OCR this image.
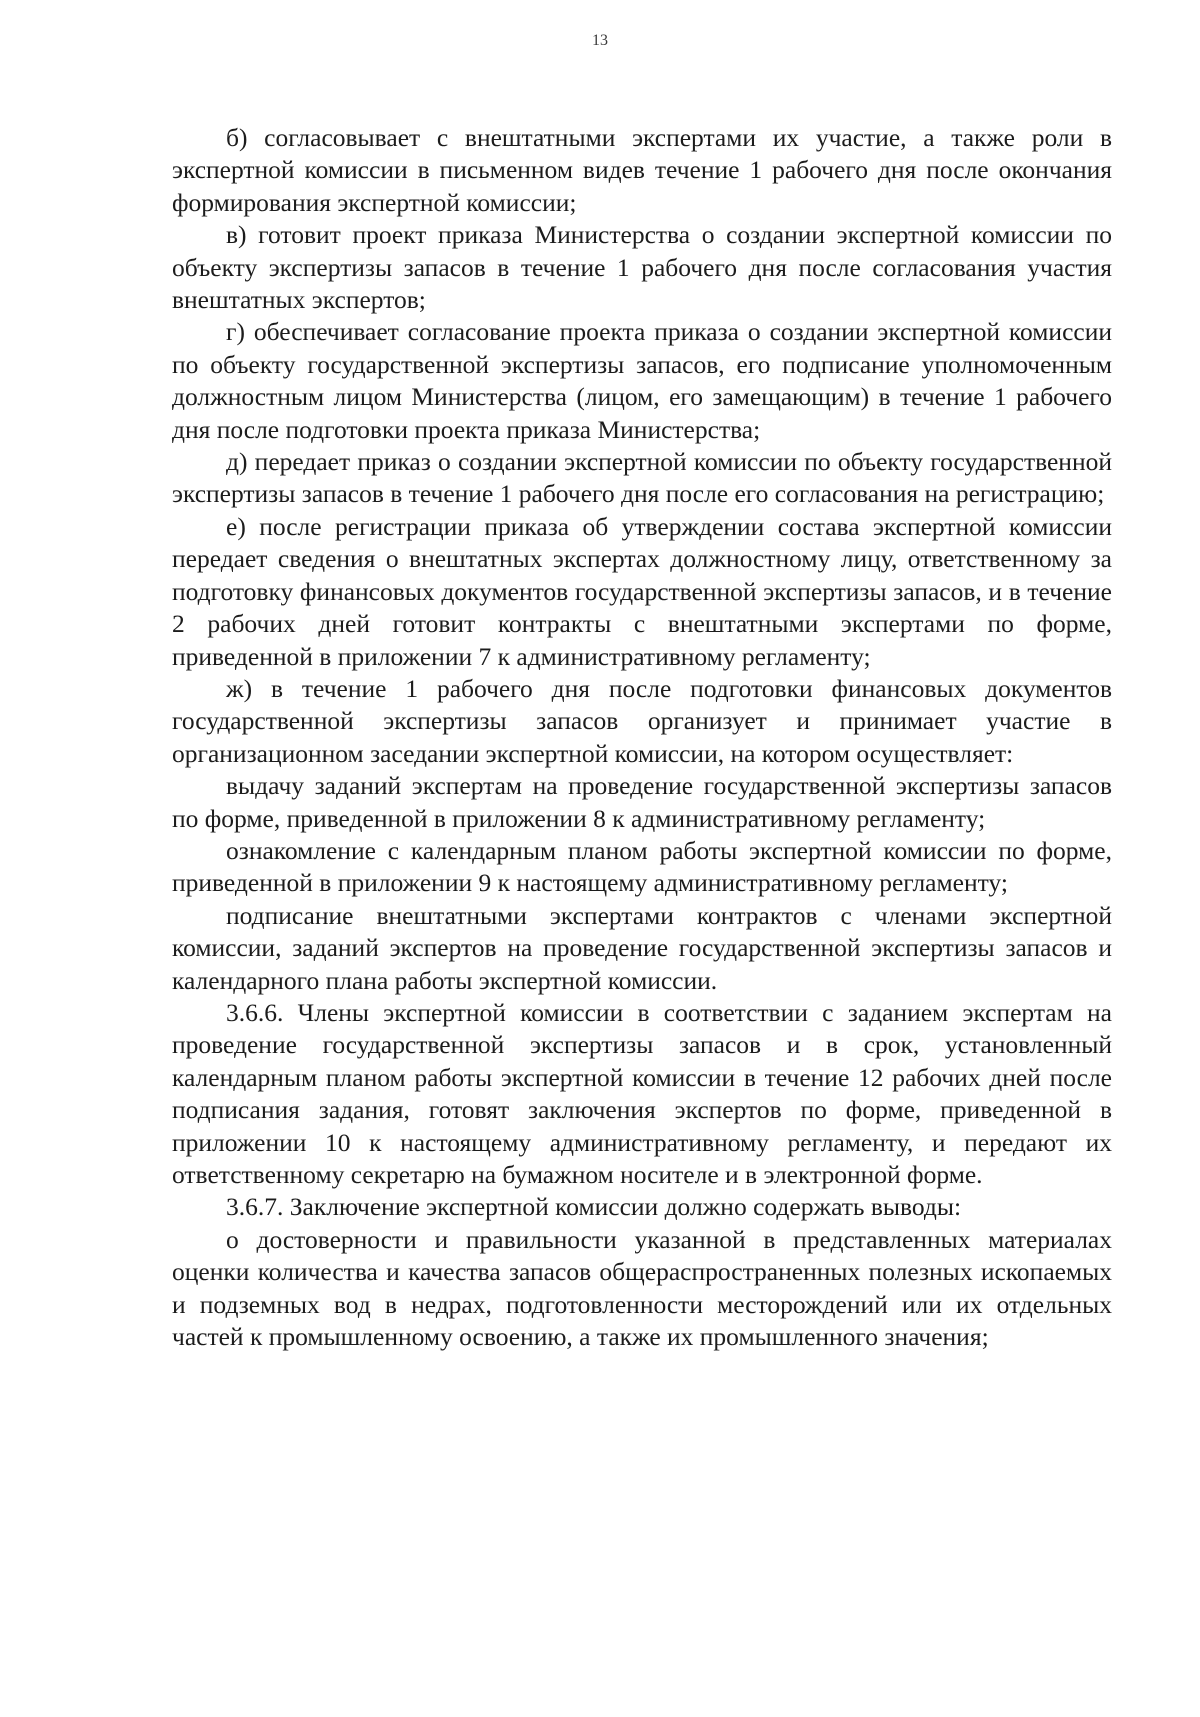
13

б) согласовывает с внештатными экспертами их участие, а также роли в экспертной комиссии в письменном видев течение 1 рабочего дня после окончания формирования экспертной комиссии;

в) готовит проект приказа Министерства о создании экспертной комиссии по объекту экспертизы запасов в течение 1 рабочего дня после согласования участия внештатных экспертов;

г) обеспечивает согласование проекта приказа о создании экспертной комиссии по объекту государственной экспертизы запасов, его подписание уполномоченным должностным лицом Министерства (лицом, его замещающим) в течение 1 рабочего дня после подготовки проекта приказа Министерства;

д) передает приказ о создании экспертной комиссии по объекту государственной экспертизы запасов в течение 1 рабочего дня после его согласования на регистрацию;

е) после регистрации приказа об утверждении состава экспертной комиссии передает сведения о внештатных экспертах должностному лицу, ответственному за подготовку финансовых документов государственной экспертизы запасов, и в течение 2 рабочих дней готовит контракты с внештатными экспертами по форме, приведенной в приложении 7 к административному регламенту;

ж) в течение 1 рабочего дня после подготовки финансовых документов государственной экспертизы запасов организует и принимает участие в организационном заседании экспертной комиссии, на котором осуществляет:

выдачу заданий экспертам на проведение государственной экспертизы запасов по форме, приведенной в приложении 8 к административному регламенту;

ознакомление с календарным планом работы экспертной комиссии по форме, приведенной в приложении 9 к настоящему административному регламенту;

подписание внештатными экспертами контрактов с членами экспертной комиссии, заданий экспертов на проведение государственной экспертизы запасов и календарного плана работы экспертной комиссии.

3.6.6. Члены экспертной комиссии в соответствии с заданием экспертам на проведение государственной экспертизы запасов и в срок, установленный календарным планом работы экспертной комиссии в течение 12 рабочих дней после подписания задания, готовят заключения экспертов по форме, приведенной в приложении 10 к настоящему административному регламенту, и передают их ответственному секретарю на бумажном носителе и в электронной форме.

3.6.7. Заключение экспертной комиссии должно содержать выводы:

о достоверности и правильности указанной в представленных материалах оценки количества и качества запасов общераспространенных полезных ископаемых и подземных вод в недрах, подготовленности месторождений или их отдельных частей к промышленному освоению, а также их промышленного значения;
